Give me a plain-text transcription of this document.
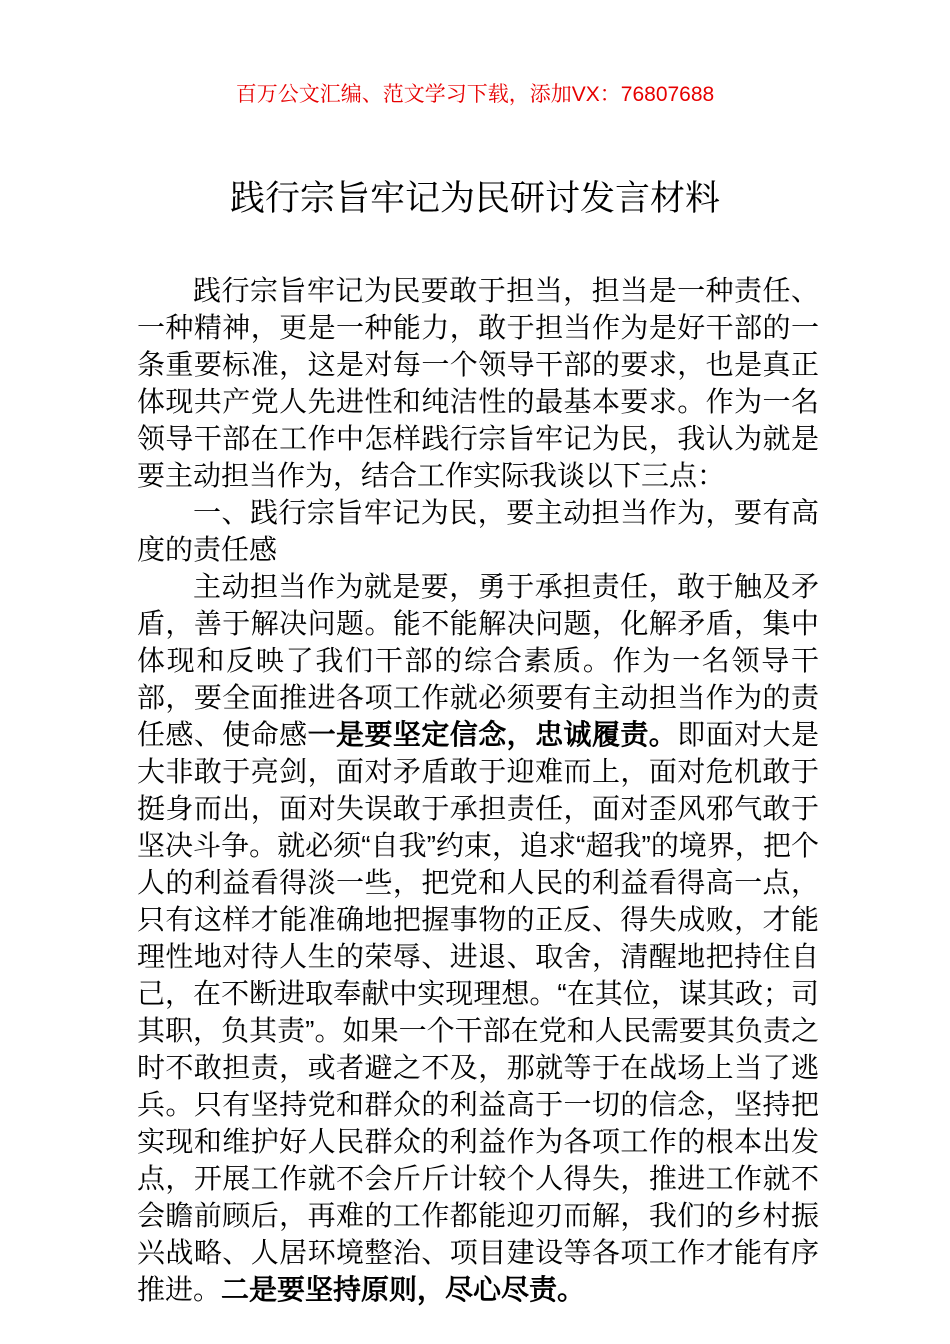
百万公文汇编、范文学习下载，添加VX：76807688
践行宗旨牢记为民研讨发言材料

践行宗旨牢记为民要敢于担当，担当是一种责任、一种精神，更是一种能力，敢于担当作为是好干部的一条重要标准，这是对每一个领导干部的要求，也是真正体现共产党人先进性和纯洁性的最基本要求。作为一名领导干部在工作中怎样践行宗旨牢记为民，我认为就是要主动担当作为，结合工作实际我谈以下三点：

一、践行宗旨牢记为民，要主动担当作为，要有高度的责任感

主动担当作为就是要，勇于承担责任，敢于触及矛盾，善于解决问题。能不能解决问题，化解矛盾，集中体现和反映了我们干部的综合素质。作为一名领导干部，要全面推进各项工作就必须要有主动担当作为的责任感、使命感一是要坚定信念，忠诚履责。即面对大是大非敢于亮剑，面对矛盾敢于迎难而上，面对危机敢于挺身而出，面对失误敢于承担责任，面对歪风邪气敢于坚决斗争。就必须“自我”约束，追求“超我”的境界，把个人的利益看得淡一些，把党和人民的利益看得高一点，只有这样才能准确地把握事物的正反、得失成败，才能理性地对待人生的荣辱、进退、取舍，清醒地把持住自己，在不断进取奉献中实现理想。“在其位，谋其政；司其职，负其责”。如果一个干部在党和人民需要其负责之时不敢担责，或者避之不及，那就等于在战场上当了逃兵。只有坚持党和群众的利益高于一切的信念，坚持把实现和维护好人民群众的利益作为各项工作的根本出发点，开展工作就不会斤斤计较个人得失，推进工作就不会瞻前顾后，再难的工作都能迎刃而解，我们的乡村振兴战略、人居环境整治、项目建设等各项工作才能有序推进。二是要坚持原则，尽心尽责。
